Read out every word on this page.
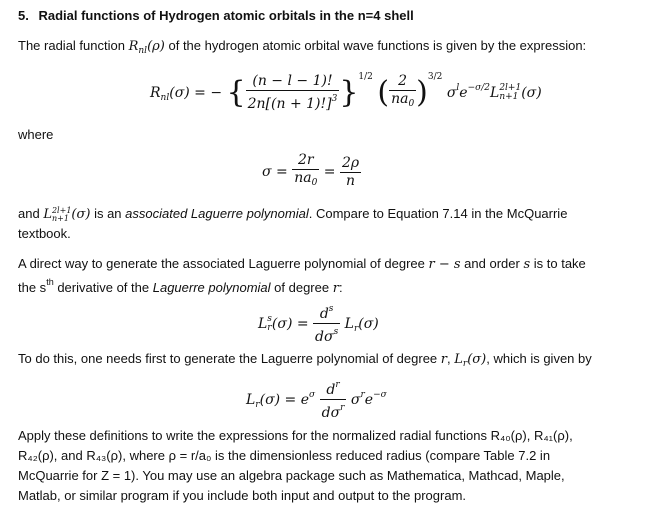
5. Radial functions of Hydrogen atomic orbitals in the n=4 shell
The radial function $R_{nl}(\rho)$ of the hydrogen atomic orbital wave functions is given by the expression:
$R_{nl}(\sigma)$ = − { $\frac{(n - l - 1)!}{2n[(n + 1)!]^3} \}^{1/2}$ ( $\frac{2}{na_0} )^{3/2}$ $\sigma^le^{-\sigma/2}L$ 2l+1
n+1 (σ)
where
$\sigma = \frac{2r}{na_0} = \frac{2\rho}{n}$
and L 2l+1
n+1 (σ) is an associated Laguerre polynomial. Compare to Equation 7.14 in the McQuarrie
textbook.
A direct way to generate the associated Laguerre polynomial of degree r − s and order s is to take
the $s^{th}$ derivative of the Laguerre polynomial of degree r:
L s
r $(\sigma) = \frac{d^s}{d\sigma^s} L_r(\sigma)$
To do this, one needs first to generate the Laguerre polynomial of degree r, $L_r(\sigma)$, which is given by
$L_r(\sigma) = e^\sigma \frac{d^r}{d\sigma^r} \sigma^re^{-\sigma}$
Apply these definitions to write the expressions for the normalized radial functions R₄₀(ρ), R₄₁(ρ),
R₄₂(ρ), and R₄₃(ρ), where ρ = r/a₀ is the dimensionless reduced radius (compare Table 7.2 in
McQuarrie for Z = 1). You may use an algebra package such as Mathematica, Mathcad, Maple,
Matlab, or similar program if you include both input and output to the program.
